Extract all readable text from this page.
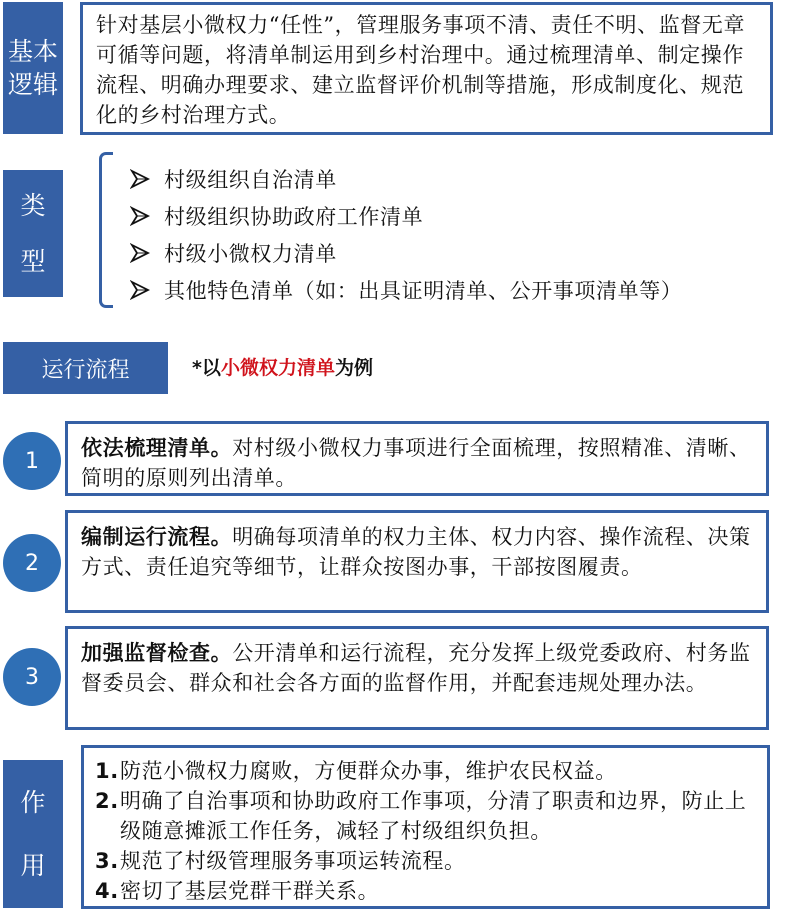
基本
逻辑
针对基层小微权力“任性”，管理服务事项不清、责任不明、监督无章可循等问题，将清单制运用到乡村治理中。通过梳理清单、制定操作流程、明确办理要求、建立监督评价机制等措施，形成制度化、规范化的乡村治理方式。
类
型
村级组织自治清单
村级组织协助政府工作清单
村级小微权力清单
其他特色清单（如：出具证明清单、公开事项清单等）
运行流程	*以小微权力清单为例
1
依法梳理清单。对村级小微权力事项进行全面梳理，按照精准、清晰、简明的原则列出清单。
2
编制运行流程。明确每项清单的权力主体、权力内容、操作流程、决策方式、责任追究等细节，让群众按图办事，干部按图履责。
3
加强监督检查。公开清单和运行流程，充分发挥上级党委政府、村务监督委员会、群众和社会各方面的监督作用，并配套违规处理办法。
作
用
1. 防范小微权力腐败，方便群众办事，维护农民权益。
2. 明确了自治事项和协助政府工作事项，分清了职责和边界，防止上级随意摊派工作任务，减轻了村级组织负担。
3. 规范了村级管理服务事项运转流程。
4. 密切了基层党群干群关系。
